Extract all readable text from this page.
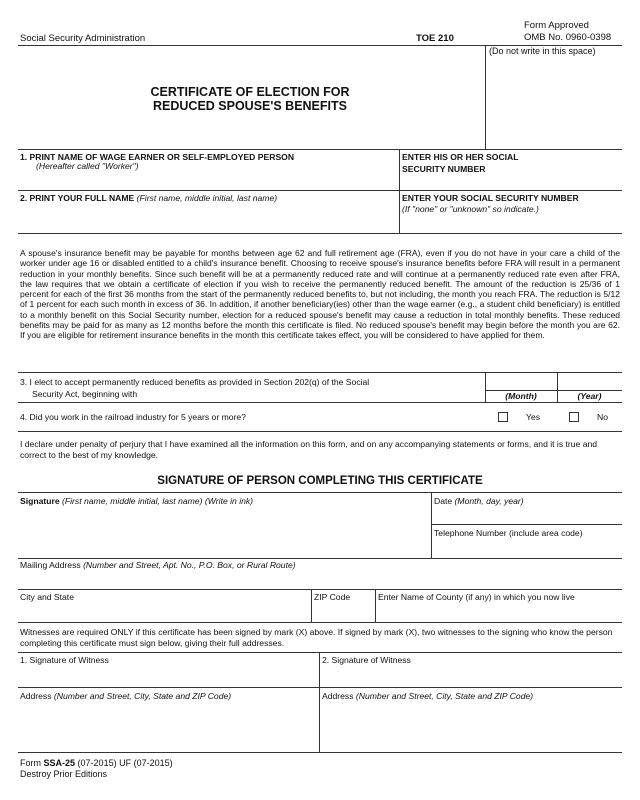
Social Security Administration	TOE 210
Form Approved
OMB No. 0960-0398
(Do not write in this space)
CERTIFICATE OF ELECTION FOR
REDUCED SPOUSE'S BENEFITS
1. PRINT NAME OF WAGE EARNER OR SELF-EMPLOYED PERSON
(Hereafter called "Worker")
ENTER HIS OR HER SOCIAL
SECURITY NUMBER
2. PRINT YOUR FULL NAME (First name, middle initial, last name)	ENTER YOUR SOCIAL SECURITY NUMBER
(If "none" or "unknown" so indicate.)
A spouse's insurance benefit may be payable for months between age 62 and full retirement age (FRA), even if you do not have in your care a child of the worker under age 16 or disabled entitled to a child's insurance benefit. Choosing to receive spouse's insurance benefits before FRA will result in a permanent reduction in your monthly benefits. Since such benefit will be at a permanently reduced rate and will continue at a permanently reduced rate even after FRA, the law requires that we obtain a certificate of election if you wish to receive the permanently reduced benefit. The amount of the reduction is 25/36 of 1 percent for each of the first 36 months from the start of the permanently reduced benefits to, but not including, the month you reach FRA. The reduction is 5/12 of 1 percent for each such month in excess of 36. In addition, if another beneficiary(ies) other than the wage earner (e.g., a student child beneficiary) is entitled to a monthly benefit on this Social Security number, election for a reduced spouse's benefit may cause a reduction in total monthly benefits. These reduced benefits may be paid for as many as 12 months before the month this certificate is filed. No reduced spouse's benefit may begin before the month you are 62. If you are eligible for retirement insurance benefits in the month this certificate takes effect, you will be considered to have applied for them.
3. I elect to accept permanently reduced benefits as provided in Section 202(q) of the Social
Security Act, beginning with	(Month)	(Year)
4. Did you work in the railroad industry for 5 years or more?	Yes	No
I declare under penalty of perjury that I have examined all the information on this form, and on any accompanying statements or forms, and it is true and correct to the best of my knowledge.
SIGNATURE OF PERSON COMPLETING THIS CERTIFICATE
Signature (First name, middle initial, last name) (Write in ink)	Date (Month, day, year)
Telephone Number (include area code)
Mailing Address (Number and Street, Apt. No., P.O. Box, or Rural Route)
City and State	ZIP Code	Enter Name of County (if any) in which you now live
Witnesses are required ONLY if this certificate has been signed by mark (X) above. If signed by mark (X), two witnesses to the signing who know the person completing this certificate must sign below, giving their full addresses.
1. Signature of Witness	2. Signature of Witness
Address (Number and Street, City, State and ZIP Code)	Address (Number and Street, City, State and ZIP Code)
Form SSA-25 (07-2015) UF (07-2015)
Destroy Prior Editions
